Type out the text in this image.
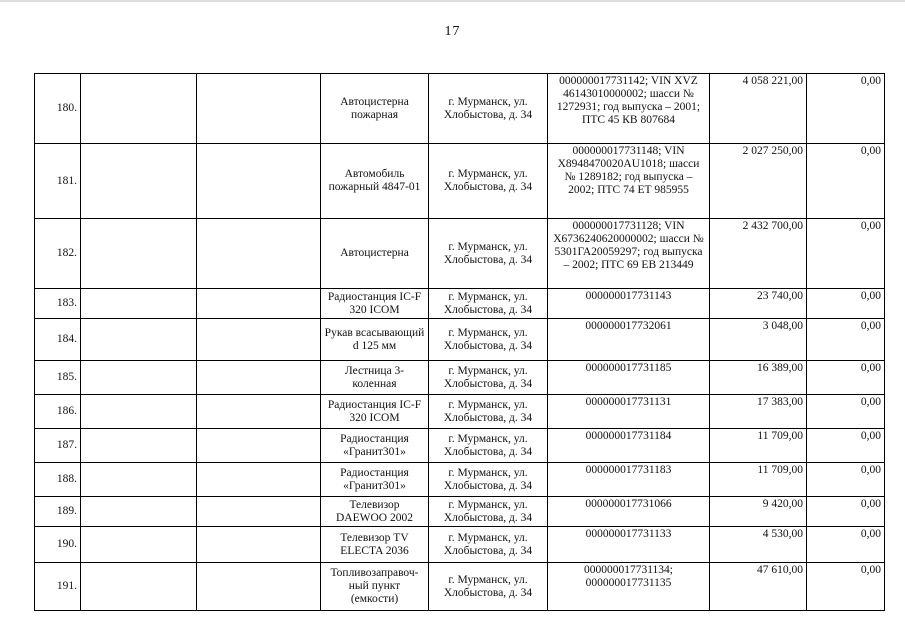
17
180.			Автоцистерна пожарная	г. Мурманск, ул. Хлобыстова, д. 34	000000017731142; VIN XVZ 46143010000002; шасси № 1272931; год выпуска – 2001; ПТС 45 КВ 807684	4 058 221,00	0,00
181.			Автомобиль пожарный 4847-01	г. Мурманск, ул. Хлобыстова, д. 34	000000017731148; VIN X8948470020AU1018; шасси № 1289182; год выпуска – 2002; ПТС 74 ЕТ 985955	2 027 250,00	0,00
182.			Автоцистерна	г. Мурманск, ул. Хлобыстова, д. 34	000000017731128; VIN X6736240620000002; шасси № 5301ГА20059297; год выпуска – 2002; ПТС 69 ЕВ 213449	2 432 700,00	0,00
183.			Радиостанция IC-F 320 ICOM	г. Мурманск, ул. Хлобыстова, д. 34	000000017731143	23 740,00	0,00
184.			Рукав всасывающий d 125 мм	г. Мурманск, ул. Хлобыстова, д. 34	000000017732061	3 048,00	0,00
185.			Лестница 3-коленная	г. Мурманск, ул. Хлобыстова, д. 34	000000017731185	16 389,00	0,00
186.			Радиостанция IC-F 320 ICOM	г. Мурманск, ул. Хлобыстова, д. 34	000000017731131	17 383,00	0,00
187.			Радиостанция «Гранит301»	г. Мурманск, ул. Хлобыстова, д. 34	000000017731184	11 709,00	0,00
188.			Радиостанция «Гранит301»	г. Мурманск, ул. Хлобыстова, д. 34	000000017731183	11 709,00	0,00
189.			Телевизор DAEWOO 2002	г. Мурманск, ул. Хлобыстова, д. 34	000000017731066	9 420,00	0,00
190.			Телевизор TV ELECTA 2036	г. Мурманск, ул. Хлобыстова, д. 34	000000017731133	4 530,00	0,00
191.			Топливозаправоч- ный пункт (емкости)	г. Мурманск, ул. Хлобыстова, д. 34	000000017731134; 000000017731135	47 610,00	0,00
